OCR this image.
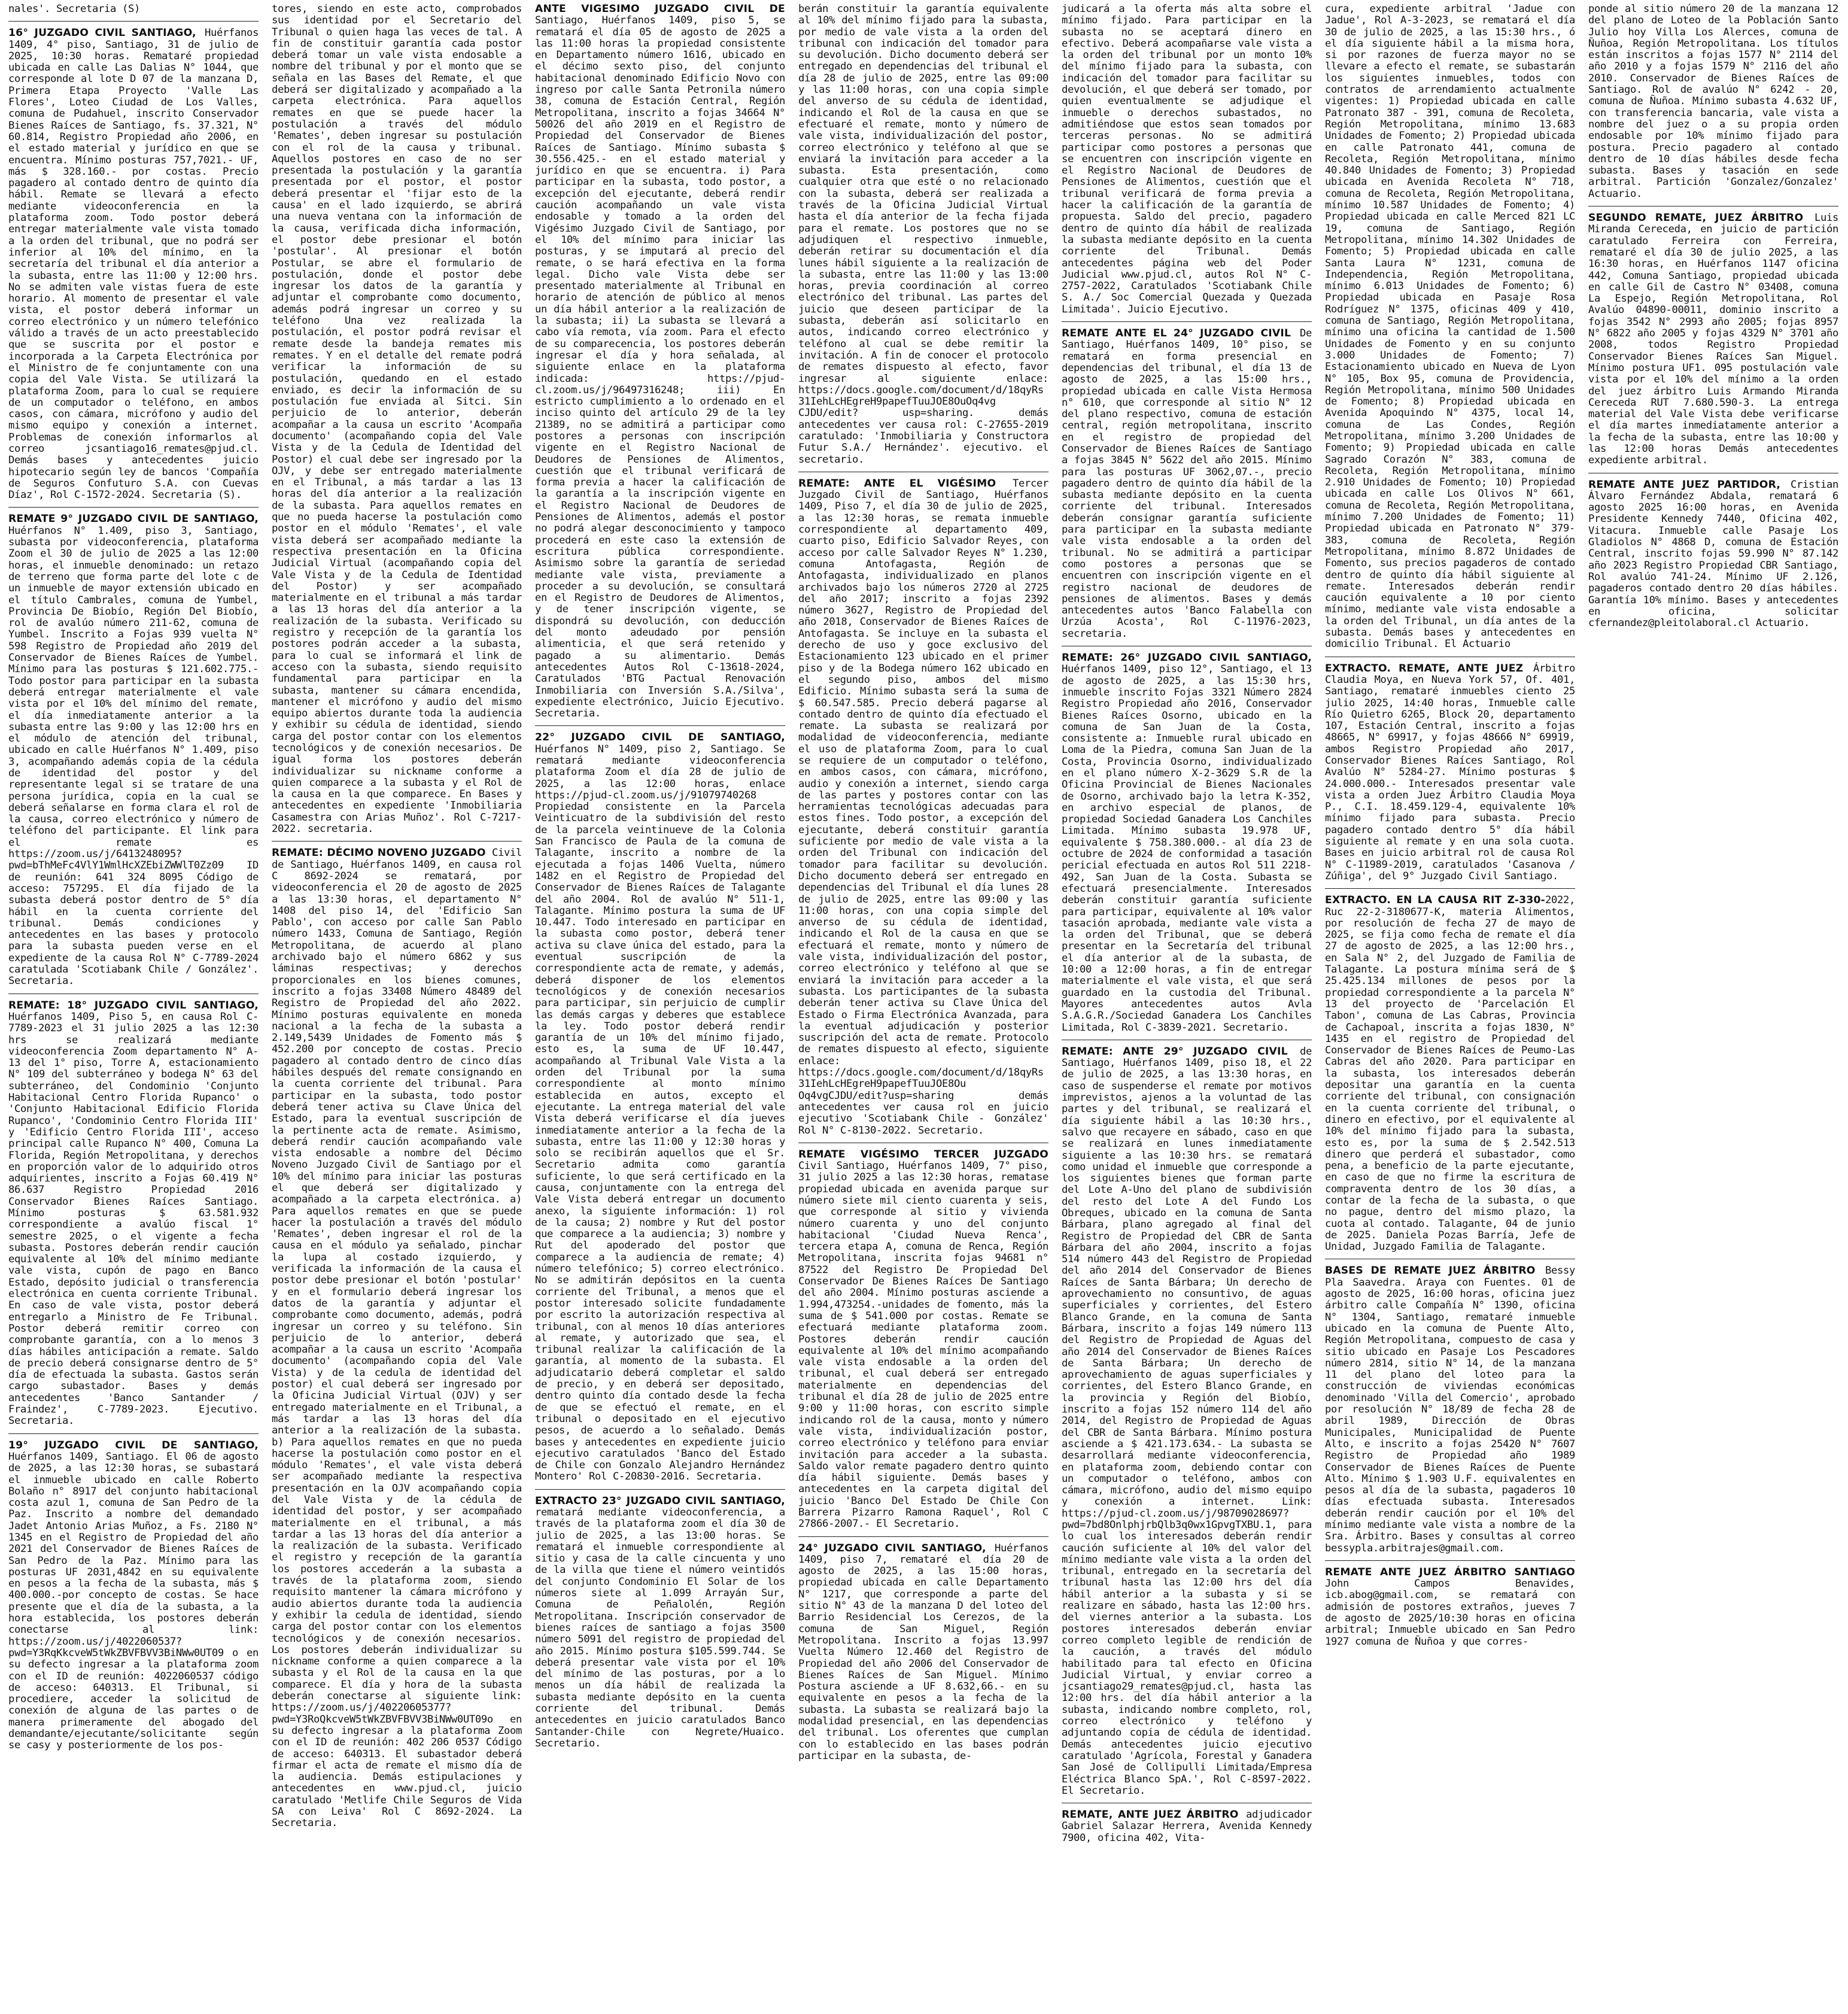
nales'. Secretaria (S)

16° JUZGADO CIVIL SANTIAGO, Huérfanos 1409, 4° piso, Santiago, 31 de julio de 2025, 10:30 horas. Remataré propiedad ubicada en calle Las Dalias N° 1044, que corresponde al lote D 07 de la manzana D, Primera Etapa Proyecto 'Valle Las Flores', Loteo Ciudad de Los Valles, comuna de Pudahuel, inscrito Conservador Bienes Raíces de Santiago, fs. 37.321, N° 60.814, Registro Propiedad año 2006, en el estado material y jurídico en que se encuentra. Mínimo posturas 757,7021.- UF, más $ 328.160.- por costas. Precio pagadero al contado dentro de quinto día hábil. Remate se llevará a efecto mediante videoconferencia en la plataforma zoom. Todo postor deberá entregar materialmente vale vista tomado a la orden del tribunal, que no podrá ser inferior al 10% del mínimo, en la secretaría del tribunal el día anterior a la subasta, entre las 11:00 y 12:00 hrs. No se admiten vale vistas fuera de este horario. Al momento de presentar el vale vista, el postor deberá informar un correo electrónico y un número telefónico válido a través de un acto preestablecido que se suscrita por el postor e incorporada a la Carpeta Electrónica por el Ministro de fe conjuntamente con una copia del Vale Vista. Se utilizará la plataforma Zoom, para lo cual se requiere de un computador o teléfono, en ambos casos, con cámara, micrófono y audio del mismo equipo y conexión a internet. Problemas de conexión informarlos al correo jcsantiago16_remates@pjud.cl. Demás bases y antecedentes juicio hipotecario según ley de bancos 'Compañía de Seguros Confuturo S.A. con Cuevas Díaz', Rol C-1572-2024. Secretaria (S).

REMATE 9° JUZGADO CIVIL DE SANTIAGO, Huérfanos N° 1.409, piso 3, Santiago, subasta por videoconferencia, plataforma Zoom el 30 de julio de 2025 a las 12:00 horas, el inmueble denominado: un retazo de terreno que forma parte del lote c de un inmueble de mayor extensión ubicado en el título Cambrales, comuna de Yumbel, Provincia De Biobío, Región Del Biobío, rol de avalúo número 211-62, comuna de Yumbel. Inscrito a Fojas 939 vuelta N° 598 Registro de Propiedad año 2019 del Conservador de Bienes Raíces de Yumbel. Mínimo para las posturas $ 121.602.775.- Todo postor para participar en la subasta deberá entregar materialmente el vale vista por el 10% del mínimo del remate, el día inmediatamente anterior a la subasta entre las 9:00 y las 12:00 hrs en el módulo de atención del tribunal, ubicado en calle Huérfanos N° 1.409, piso 3, acompañando además copia de la cédula de identidad del postor y del representante legal si se tratare de una persona jurídica, copia en la cual se deberá señalarse en forma clara el rol de la causa, correo electrónico y número de teléfono del participante. El link para el remate es https://zoom.us/j/6413248095?pwd=bThMeFc4VlY1WmlHcXZEbiZWWlT0Zz09 ID de reunión: 641 324 8095 Código de acceso: 757295. El día fijado de la subasta deberá postor dentro de 5° día hábil en la cuenta corriente del tribunal. Demás condiciones y antecedentes en las bases y protocolo para la subasta pueden verse en el expediente de la causa Rol N° C-7789-2024 caratulada 'Scotiabank Chile / González'. Secretaria.

REMATE: 18° JUZGADO CIVIL SANTIAGO, Huérfanos 1409, Piso 5, en causa Rol C-7789-2023 el 31 julio 2025 a las 12:30 hrs se realizará mediante videoconferencia Zoom departamento N° A-13 del 1° piso, Torre A, estacionamiento N° 109 del subterráneo y bodega N° 63 del subterráneo, del Condominio 'Conjunto Habitacional Centro Florida Rupanco' o 'Conjunto Habitacional Edificio Florida Rupanco', 'Condominio Centro Florida III' y 'Edificio Centro Florida III', acceso principal calle Rupanco N° 400, Comuna La Florida, Región Metropolitana, y derechos en proporción valor de lo adquirido otros adquirientes, inscrito a Fojas 60.419 N° 86.637 Registro Propiedad 2016 Conservador Bienes Raíces Santiago. Mínimo posturas $ 63.581.932 correspondiente a avalúo fiscal 1° semestre 2025, o el vigente a fecha subasta. Postores deberán rendir caución equivalente al 10% del mínimo mediante vale vista, cupón de pago en Banco Estado, depósito judicial o transferencia electrónica en cuenta corriente Tribunal. En caso de vale vista, postor deberá entregarlo a Ministro de Fe Tribunal. Postor deberá remitir correo con comprobante garantía, con a lo menos 3 días hábiles anticipación a remate. Saldo de precio deberá consignarse dentro de 5° día de efectuada la subasta. Gastos serán cargo subastador. Bases y demás antecedentes 'Banco Santander / Fraindez', C-7789-2023. Ejecutivo. Secretaria.

19° JUZGADO CIVIL DE SANTIAGO, Huérfanos 1409, Santiago. El 06 de agosto de 2025, a las 12:30 horas, se subastará el inmueble ubicado en calle Roberto Bolaño n° 8917 del conjunto habitacional costa azul 1, comuna de San Pedro de la Paz. Inscrito a nombre del demandado Jadet Antonio Arias Muñoz, a Fs. 2180 N° 1345 en el Registro de Propiedad del año 2021 del Conservador de Bienes Raíces de San Pedro de la Paz. Mínimo para las posturas UF 2031,4842 en su equivalente en pesos a la fecha de la subasta, más $ 400.000.-por concepto de costas. Se hace presente que el día de la subasta, a la hora establecida, los postores deberán conectarse al link: https://zoom.us/j/4022060537?pwd=Y3RqKkcveW5tWkZBVFBVV3BiNWw0UT09 o en su defecto ingresar a la plataforma zoom con el ID de reunión: 4022060537 código de acceso: 640313. El Tribunal, si procediere, acceder la solicitud de conexión de alguna de las partes o de manera primeramente del abogado del demandante/ejecutante/solicitante según se casy y posteriormente de los pos-

tores, siendo en este acto, comprobados sus identidad por el Secretario del Tribunal o quien haga las veces de tal. A fin de constituir garantía cada postor deberá tomar un vale vista endosable a nombre del tribunal y por el monto que se señala en las Bases del Remate, el que deberá ser digitalizado y acompañado a la carpeta electrónica. Para aquellos remates en que se puede hacer la postulación a través del módulo 'Remates', deben ingresar su postulación con el rol de la causa y tribunal. Aquellos postores en caso de no ser presentada la postulación y la garantía presentada por el postor, el postor deberá presentar el 'fijar esto de la causa' en el lado izquierdo, se abrirá una nueva ventana con la información de la causa, verificada dicha información, el postor debe presionar el botón 'postular'. Al presionar el botón Postular, se abre el formulario de postulación, donde el postor debe ingresar los datos de la garantía y adjuntar el comprobante como documento, además podrá ingresar un correo y su teléfono Una vez realizada la postulación, el postor podrá revisar el remate desde la bandeja remates mis remates. Y en el detalle del remate podrá verificar la información de su postulación, quedando en el estado enviado, es decir la información de su postulación fue enviada al Sitci. Sin perjuicio de lo anterior, deberán acompañar a la causa un escrito 'Acompaña documento' (acompañando copia del Vale Vista y de la Cedula de Identidad del Postor) el cual debe ser ingresado por la OJV, y debe ser entregado materialmente en el Tribunal, a más tardar a las 13 horas del día anterior a la realización de la subasta. Para aquellos remates en que no pueda hacerse la postulación como postor en el módulo 'Remates', el vale vista deberá ser acompañado mediante la respectiva presentación en la Oficina Judicial Virtual (acompañando copia del Vale Vista y de la Cedula de Identidad del Postor) y ser acompañado materialmente en el tribunal a más tardar a las 13 horas del día anterior a la realización de la subasta. Verificado su registro y recepción de la garantía los postores podrán acceder a la subasta, para lo cual se informará el link de acceso con la subasta, siendo requisito fundamental para participar en la subasta, mantener su cámara encendida, mantener el micrófono y audio del mismo equipo abiertos durante toda la audiencia y exhibir su cédula de identidad, siendo carga del postor contar con los elementos tecnológicos y de conexión necesarios. De igual forma los postores deberán individualizar su nickname conforme a quien comparece a la subasta y el Rol de la causa en la que comparece. En Bases y antecedentes en expediente 'Inmobiliaria Casamestra con Arias Muñoz'. Rol C-7217-2022. secretaria.

REMATE: DÉCIMO NOVENO JUZGADO Civil de Santiago, Huérfanos 1409, en causa rol C 8692-2024 se rematará, por videoconferencia el 20 de agosto de 2025 a las 13:30 horas, el departamento N° 1408 del piso 14, del 'Edificio San Pablo', con acceso por calle San Pablo número 1433, Comuna de Santiago, Región Metropolitana, de acuerdo al plano archivado bajo el número 6862 y sus láminas respectivas; y derechos proporcionales en los bienes comunes, inscrito a fojas 33408 Número 48489 del Registro de Propiedad del año 2022. Mínimo posturas equivalente en moneda nacional a la fecha de la subasta a 2.149,5439 Unidades de Fomento más $ 452.200 por concepto de costas. Precio pagadero al contado dentro de cinco días hábiles después del remate consignando en la cuenta corriente del tribunal. Para participar en la subasta, todo postor deberá tener activa su Clave Única del Estado, para la eventual suscripción de la pertinente acta de remate. Asimismo, deberá rendir caución acompañando vale vista endosable a nombre del Décimo Noveno Juzgado Civil de Santiago por el 10% del mínimo para iniciar las posturas el que deberá ser digitalizado y acompañado a la carpeta electrónica. a) Para aquellos remates en que se puede hacer la postulación a través del módulo 'Remates', deben ingresar el rol de la causa en el módulo ya señalado, pinchar la lupa al costado izquierdo, y verificada la información de la causa el postor debe presionar el botón 'postular' y en el formulario deberá ingresar los datos de la garantía y adjuntar el comprobante como documento, además, podrá ingresar un correo y su teléfono. Sin perjuicio de lo anterior, deberá acompañar a la causa un escrito 'Acompaña documento' (acompañando copia del Vale Vista) y de la cedula de identidad del postor) el cual deberá ser ingresado por la Oficina Judicial Virtual (OJV) y ser entregado materialmente en el Tribunal, a más tardar a las 13 horas del día anterior a la realización de la subasta. b) Para aquellos remates en que no pueda hacerse la postulación como postor en el módulo 'Remates', el vale vista deberá ser acompañado mediante la respectiva presentación en la OJV acompañando copia del Vale Vista y de la cédula de identidad del postor, y ser acompañado materialmente en el tribunal, a más tardar a las 13 horas del día anterior a la realización de la subasta. Verificado el registro y recepción de la garantía los postores accederán a la subasta a través de la plataforma zoom, siendo requisito mantener la cámara micrófono y audio abiertos durante toda la audiencia y exhibir la cedula de identidad, siendo carga del postor contar con los elementos tecnológicos y de conexión necesarios. Los postores deberán individualizar su nickname conforme a quien comparece a la subasta y el Rol de la causa en la que comparece. El día y hora de la subasta deberán conectarse al siguiente link: https://zoom.us/j/40220605377?pwd=Y3RoQkcveW5tWkZBVFBVV3BiNWw0UT09o en su defecto ingresar a la plataforma Zoom con el ID de reunión: 402 206 0537 Código de acceso: 640313. El subastador deberá firmar el acta de remate el mismo día de la audiencia. Demás estipulaciones y antecedentes en www.pjud.cl, juicio caratulado 'Metlife Chile Seguros de Vida SA con Leiva' Rol C 8692-2024. La Secretaria.

ANTE VIGÉSIMO JUZGADO CIVIL DE Santiago, Huérfanos 1409, piso 5, se rematará el día 05 de agosto de 2025 a las 11:00 horas la propiedad consistente en Departamento número 1616, ubicado en el décimo sexto piso, del conjunto habitacional denominado Edificio Novo con ingreso por calle Santa Petronila número 38, comuna de Estación Central, Región Metropolitana, inscrito a fojas 34664 N° 50026 del año 2019 en el Registro de Propiedad del Conservador de Bienes Raíces de Santiago. Mínimo subasta $ 30.556.425.- en el estado material y jurídico en que se encuentra. i) Para participar en la subasta, todo postor, a excepción del ejecutante, deberá rendir caución acompañando un vale vista endosable y tomado a la orden del Vigésimo Juzgado Civil de Santiago, por el 10% del mínimo para iniciar las posturas, y se imputará al precio del remate, o se hará efectiva en la forma legal. Dicho vale Vista debe ser presentado materialmente al Tribunal en horario de atención de público al menos un día hábil anterior a la realización de la subasta; ii) La subasta se llevará a cabo vía remota, vía zoom. Para el efecto de su comparecencia, los postores deberán ingresar el día y hora señalada, al siguiente enlace en la plataforma indicada: https://pjud-cl.zoom.us/j/96497316248; iii) En estricto cumplimiento a lo ordenado en el inciso quinto del artículo 29 de la ley 21389, no se admitirá a participar como postores a personas con inscripción vigente en el Registro Nacional de Deudores de Pensiones de Alimentos, cuestión que el tribunal verificará de forma previa a hacer la calificación de la garantía a la inscripción vigente en el Registro Nacional de Deudores de Pensiones de Alimentos, además el postor no podrá alegar desconocimiento y tampoco procederá en este caso la extensión de escritura pública correspondiente. Asimismo sobre la garantía de seriedad mediante vale vista, previamente a proceder a su devolución, se consultará en el Registro de Deudores de Alimentos, y de tener inscripción vigente, se dispondrá su devolución, con deducción del monto adeudado por pensión alimenticia, el que será retenido y pagado a su alimentario. Demás antecedentes Autos Rol C-13618-2024, Caratulados 'BTG Pactual Renovación Inmobiliaria con Inversión S.A./Silva', expediente electrónico, Juicio Ejecutivo. Secretaria.

22° JUZGADO CIVIL DE SANTIAGO, Huérfanos N° 1409, piso 2, Santiago. Se rematará mediante videoconferencia plataforma Zoom el día 28 de julio de 2025, a las 12:00 horas, enlace https://pjud-cl.zoom.us/j/91079740268 Propiedad consistente en la Parcela Veinticuatro de la subdivisión del resto de la parcela veintinueve de la Colonia San Francisco de Paula de la comuna de Talagante, inscrito a nombre de la ejecutada a fojas 1406 Vuelta, número 1482 en el Registro de Propiedad del Conservador de Bienes Raíces de Talagante del año 2004. Rol de avalúo N° 511-1, Talagante. Mínimo postura la suma de UF 10.447. Todo interesado en participar en la subasta como postor, deberá tener activa su clave única del estado, para la eventual suscripción de la correspondiente acta de remate, y además, deberá disponer de los elementos tecnológicos y de conexión necesarios para participar, sin perjuicio de cumplir las demás cargas y deberes que establece la ley. Todo postor deberá rendir garantía de un 10% del mínimo fijado, esto es, la suma de UF 10.447, acompañando al Tribunal Vale Vista a la orden del Tribunal por la suma correspondiente al monto mínimo establecida en autos, excepto el ejecutante. La entrega material del vale Vista deberá verificarse el día jueves inmediatamente anterior a la fecha de la subasta, entre las 11:00 y 12:30 horas y solo se recibirán aquellos que el Sr. Secretario admita como garantía suficiente, lo que será certificado en la causa, conjuntamente con la entrega del Vale Vista deberá entregar un documento anexo, la siguiente información: 1) rol de la causa; 2) nombre y Rut del postor que comparece a la audiencia; 3) nombre y Rut del apoderado del postor que comparece a la audiencia de remate; 4) número telefónico; 5) correo electrónico. No se admitirán depósitos en la cuenta corriente del Tribunal, a menos que el postor interesado solicite fundadamente por escrito la autorización respectiva al tribunal, con al menos 10 días anteriores al remate, y autorizado que sea, el tribunal realizar la calificación de la garantía, al momento de la subasta. El adjudicatario deberá completar el saldo de precio, y en deberá ser depositado, dentro quinto día contado desde la fecha de que se efectuó el remate, en el tribunal o depositado en el ejecutivo pesos, de acuerdo a lo señalado. Demás bases y antecedentes en expediente juicio ejecutivo caratulados 'Banco del Estado de Chile con Gonzalo Alejandro Hernández Montero' Rol C-20830-2016. Secretaria.

EXTRACTO 23° JUZGADO CIVIL SANTIAGO, rematará mediante videoconferencia, a través de la plataforma zoom el día 30 de julio de 2025, a las 13:00 horas. Se rematará el inmueble correspondiente al sitio y casa de la calle cincuenta y uno de la villa que tiene el número veintidós del conjunto Condominio El Solar de los números siete al 1.099 Arrayán Sur, Comuna de Peñalolén, Región Metropolitana. Inscripción conservador de bienes raíces de santiago a fojas 3500 número 5091 del registro de propiedad del año 2015. Mínimo postura $105.599.744. Se deberá presentar vale vista por el 10% del mínimo de las posturas, por a lo menos un día hábil de realizada la subasta mediante depósito en la cuenta corriente del tribunal. Demás antecedentes en juicio caratulados Banco Santander-Chile con Negrete/Huaico. Secretario.

berán constituir la garantía equivalente al 10% del mínimo fijado para la subasta, por medio de vale vista a la orden del tribunal con indicación del tomador para su devolución. Dicho documento deberá ser entregado en dependencias del tribunal el día 28 de julio de 2025, entre las 09:00 y las 11:00 horas, con una copia simple del anverso de su cédula de identidad, indicando el Rol de la causa en que se efectuaré el remate, monto y número de vale vista, individualización del postor, correo electrónico y teléfono al que se enviará la invitación para acceder a la subasta. Esta presentación, como cualquier otra que esté o no relacionado con la subasta, deberá ser realizada a través de la Oficina Judicial Virtual hasta el día anterior de la fecha fijada para el remate. Los postores que no se adjudiquen el respectivo inmueble, deberán retirar su documentación el día lunes hábil siguiente a la realización de la subasta, entre las 11:00 y las 13:00 horas, previa coordinación al correo electrónico del tribunal. Las partes del juicio que deseen participar de la subasta, deberán así solicitarlo en autos, indicando correo electrónico y teléfono al cual se debe remitir la invitación. A fin de conocer el protocolo de remates dispuesto al efecto, favor ingresar al siguiente enlace: https://docs.google.com/document/d/18qyRs31IehLcHEgreH9papefTuuJOE8OuOq4vg CJDU/edit? usp=sharing. demás antecedentes ver causa rol: C-27655-2019 caratulado: 'Inmobiliaria y Constructora Futur S.A./ Hernández'. ejecutivo. el secretario.

REMATE: ANTE EL VIGÉSIMO Tercer Juzgado Civil de Santiago, Huérfanos 1409, Piso 7, el día 30 de julio de 2025, a las 12:30 horas, se remata inmueble correspondiente al departamento 409, cuarto piso, Edificio Salvador Reyes, con acceso por calle Salvador Reyes N° 1.230, comuna Antofagasta, Región de Antofagasta, individualizado en planos archivados bajo los números 2720 al 2725 del año 2017; inscrito a fojas 2392 número 3627, Registro de Propiedad del año 2018, Conservador de Bienes Raíces de Antofagasta. Se incluye en la subasta el derecho de uso y goce exclusivo del Estacionamiento 123 ubicado en el primer piso y de la Bodega número 162 ubicado en el segundo piso, ambos del mismo Edificio. Mínimo subasta será la suma de $ 60.547.585. Precio deberá pagarse al contado dentro de quinto día efectuado el remate. La subasta se realizará por modalidad de videoconferencia, mediante el uso de plataforma Zoom, para lo cual se requiere de un computador o teléfono, en ambos casos, con cámara, micrófono, audio y conexión a internet, siendo carga de las partes y postores contar con las herramientas tecnológicas adecuadas para estos fines. Todo postor, a excepción del ejecutante, deberá constituir garantía suficiente por medio de vale vista a la orden del Tribunal con indicación del tomador para facilitar su devolución. Dicho documento deberá ser entregado en dependencias del Tribunal el día lunes 28 de julio de 2025, entre las 09:00 y las 11:00 horas, con una copia simple del anverso de su cédula de identidad, indicando el Rol de la causa en que se efectuará el remate, monto y número de vale vista, individualización del postor, correo electrónico y teléfono al que se enviará la invitación para acceder a la subasta. Los participantes de la subasta deberán tener activa su Clave Única del Estado o Firma Electrónica Avanzada, para la eventual adjudicación y posterior suscripción del acta de remate. Protocolo de remates dispuesto al efecto, siguiente enlace: https://docs.google.com/document/d/18qyRs31IehLcHEgreH9papefTuuJOE8Ou Oq4vgCJDU/edit?usp=sharing demás antecedentes ver causa rol en juicio ejecutivo 'Scotiabank Chile - González' Rol N° C-8130-2022. Secretario.

REMATE VIGÉSIMO TERCER JUZGADO Civil Santiago, Huérfanos 1409, 7° piso, 31 julio 2025 a las 12:30 horas, rematase propiedad ubicada en avenida parque sur número siete mil ciento cuarenta y seis, que corresponde al sitio y vivienda número cuarenta y uno del conjunto habitacional 'Ciudad Nueva Renca', tercera etapa A, comuna de Renca, Región Metropolitana, inscrita fojas 94681 n° 87522 del Registro De Propiedad Del Conservador De Bienes Raíces De Santiago del año 2004. Mínimo posturas asciende a 1.994,473254.-unidades de fomento, más la suma de $ 541.000 por costas. Remate se efectuará mediante plataforma zoom. Postores deberán rendir caución equivalente al 10% del mínimo acompañando vale vista endosable a la orden del tribunal, el cual deberá ser entregado materialmente en dependencias del tribunal el día 28 de julio de 2025 entre 9:00 y 11:00 horas, con escrito simple indicando rol de la causa, monto y número vale vista, individualización postor, correo electrónico y teléfono para enviar invitación para acceder a la subasta. Saldo valor remate pagadero dentro quinto día hábil siguiente. Demás bases y antecedentes en la carpeta digital del juicio 'Banco Del Estado De Chile Con Barrera Pizarro Ramona Raquel', Rol C 27866-2007.- El Secretario.

24° JUZGADO CIVIL SANTIAGO, Huérfanos 1409, piso 7, remataré el día 20 de agosto de 2025, a las 15:00 horas, propiedad ubicada en calle Departamento N° 1217, que corresponde a parte del sitio N° 43 de la manzana D del loteo del Barrio Residencial Los Cerezos, de la comuna de San Miguel, Región Metropolitana. Inscrito a fojas 13.997 Vuelta Número 12.460 del Registro de Propiedad del año 2006 del Conservador de Bienes Raíces de San Miguel. Mínimo Postura asciende a UF 8.632,66.- en su equivalente en pesos a la fecha de la subasta. La subasta se realizará bajo la modalidad presencial, en las dependencias del tribunal. Los oferentes que cumplan con lo establecido en las bases podrán participar en la subasta, de-

judicará a la oferta más alta sobre el mínimo fijado. Para participar en la subasta no se aceptará dinero en efectivo. Deberá acompañarse vale vista a la orden del tribunal por un monto 10% del mínimo fijado para la subasta, con indicación del tomador para facilitar su devolución, el que deberá ser tomado, por quien eventualmente se adjudique el inmueble o derechos subastados, no admitiéndose que estos sean tomados por terceras personas. No se admitirá participar como postores a personas que se encuentren con inscripción vigente en el Registro Nacional de Deudores de Pensiones de Alimentos, cuestión que el tribunal verificará de forma previa a hacer la calificación de la garantía de propuesta. Saldo del precio, pagadero dentro de quinto día hábil de realizada la subasta mediante depósito en la cuenta corriente del Tribunal. Demás antecedentes página web del Poder Judicial www.pjud.cl, autos Rol N° C-2757-2022, Caratulados 'Scotiabank Chile S. A./ Soc Comercial Quezada y Quezada Limitada'. Juicio Ejecutivo.

REMATE ANTE EL 24° JUZGADO CIVIL De Santiago, Huérfanos 1409, 10° piso, se rematará en forma presencial en dependencias del tribunal, el día 13 de agosto de 2025, a las 15:00 hrs., propiedad ubicada en calle Vista Hermosa n° 610, que corresponde al sitio N° 12 del plano respectivo, comuna de estación central, región metropolitana, inscrito en el registro de propiedad del Conservador de Bienes Raíces de Santiago a fojas 3845 N° 5622 del año 2015. Mínimo para las posturas UF 3062,07.-, precio pagadero dentro de quinto día hábil de la subasta mediante depósito en la cuenta corriente del tribunal. Interesados deberán consignar garantía suficiente para participar en la subasta mediante vale vista endosable a la orden del tribunal. No se admitirá a participar como postores a personas que se encuentren con inscripción vigente en el registro nacional de deudores de pensiones de alimentos. Bases y demás antecedentes autos 'Banco Falabella con Urzúa Acosta', Rol C-11976-2023, secretaria.

REMATE: 26° JUZGADO CIVIL SANTIAGO, Huérfanos 1409, piso 12°, Santiago, el 13 de agosto de 2025, a las 15:30 hrs, inmueble inscrito Fojas 3321 Número 2824 Registro Propiedad año 2016, Conservador Bienes Raíces Osorno, ubicado en la comuna de San Juan de la Costa, consistente a: Inmueble rural ubicado en Loma de la Piedra, comuna San Juan de la Costa, Provincia Osorno, individualizado en el plano número X-2-3629 S.R de la Oficina Provincial de Bienes Nacionales de Osorno, archivado bajo la letra K-352, en archivo especial de planos, de propiedad Sociedad Ganadera Los Canchiles Limitada. Mínimo subasta 19.978 UF, equivalente $ 758.380.000.- al día 23 de octubre de 2024 de conformidad a tasación pericial efectuada en autos Rol 511 2218-492, San Juan de la Costa. Subasta se efectuará presencialmente. Interesados deberán constituir garantía suficiente para participar, equivalente al 10% valor tasación aprobada, mediante vale vista a la orden del Tribunal, que se deberá presentar en la Secretaría del tribunal el día anterior al de la subasta, de 10:00 a 12:00 horas, a fin de entregar materialmente el vale vista, el que será guardado en la custodia del Tribunal. Mayores antecedentes autos Avla S.A.G.R./Sociedad Ganadera Los Canchiles Limitada, Rol C-3839-2021. Secretario.

REMATE: ANTE 29° JUZGADO CIVIL de Santiago, Huérfanos 1409, piso 18, el 22 de julio de 2025, a las 13:30 horas, en caso de suspenderse el remate por motivos imprevistos, ajenos a la voluntad de las partes y del tribunal, se realizará el día siguiente hábil a las 10:30 hrs., salvo que recayere en sábado, caso en que se realizará en lunes inmediatamente siguiente a las 10:30 hrs. se rematará como unidad el inmueble que corresponde a los siguientes bienes que forman parte del Lote A-Uno del plano de subdivisión del resto del Lote A del Fundo Los Obreques, ubicado en la comuna de Santa Bárbara, plano agregado al final del Registro de Propiedad del CBR de Santa Bárbara del año 2004, inscrito a fojas 514 número 443 del Registro de Propiedad del año 2014 del Conservador de Bienes Raíces de Santa Bárbara; Un derecho de aprovechamiento no consuntivo, de aguas superficiales y corrientes, del Estero Blanco Grande, en la comuna de Santa Bárbara, inscrito a fojas 149 número 113 del Registro de Propiedad de Aguas del año 2014 del Conservador de Bienes Raíces de Santa Bárbara; Un derecho de aprovechamiento de aguas superficiales y corrientes, del Estero Blanco Grande, en la provincia y Región del Biobío, inscrito a fojas 152 número 114 del año 2014, del Registro de Propiedad de Aguas del CBR de Santa Bárbara. Mínimo postura asciende a $ 421.173.634.- La subasta se desarrollará mediante videoconferencia, en plataforma zoom, debiendo contar con un computador o teléfono, ambos con cámara, micrófono, audio del mismo equipo y conexión a internet. Link: https://pjud-cl.zoom.us/j/98709028697?pwd=7bd8OnlphjrbQlb3q0wx1GpvgTXBU.1, para lo cual los interesados deberán rendir caución suficiente al 10% del valor del mínimo mediante vale vista a la orden del tribunal, entregado en la secretaría del tribunal hasta las 12:00 hrs del día hábil anterior a la subasta y si se realizare en sábado, hasta las 12:00 hrs. del viernes anterior a la subasta. Los postores interesados deberán enviar correo completo legible de rendición de la caución, a través del módulo habilitado para tal efecto en Oficina Judicial Virtual, y enviar correo a jcsantiago29_remates@pjud.cl, hasta las 12:00 hrs. del día hábil anterior a la subasta, indicando nombre completo, rol, correo electrónico y teléfono y adjuntando copia de cédula de identidad. Demás antecedentes juicio ejecutivo caratulado 'Agrícola, Forestal y Ganadera San José de Collipulli Limitada/Empresa Eléctrica Blanco SpA.', Rol C-8597-2022. El Secretario.

REMATE, ANTE JUEZ ÁRBITRO adjudicador Gabriel Salazar Herrera, Avenida Kennedy 7900, oficina 402, Vita-

cura, expediente arbitral 'Jadue con Jadue', Rol A-3-2023, se rematará el día 30 de julio de 2025, a las 15:30 hrs., ó el día siguiente hábil a la misma hora, si por razones de fuerza mayor no se llevare a efecto el remate, se subastarán los siguientes inmuebles, todos con contratos de arrendamiento actualmente vigentes: 1) Propiedad ubicada en calle Patronato 387 - 391, comuna de Recoleta, Región Metropolitana, mínimo 13.683 Unidades de Fomento; 2) Propiedad ubicada en calle Patronato 441, comuna de Recoleta, Región Metropolitana, mínimo 40.840 Unidades de Fomento; 3) Propiedad ubicada en Avenida Recoleta N° 718, comuna de Recoleta, Región Metropolitana, mínimo 10.587 Unidades de Fomento; 4) Propiedad ubicada en calle Merced 821 LC 19, comuna de Santiago, Región Metropolitana, mínimo 14.302 Unidades de Fomento; 5) Propiedad ubicada en calle Santa Laura N° 1231, comuna de Independencia, Región Metropolitana, mínimo 6.013 Unidades de Fomento; 6) Propiedad ubicada en Pasaje Rosa Rodríguez N° 1375, oficinas 409 y 410, comuna de Santiago, Región Metropolitana, mínimo una oficina la cantidad de 1.500 Unidades de Fomento y en su conjunto 3.000 Unidades de Fomento; 7) Estacionamiento ubicado en Nueva de Lyon N° 105, Box 95, comuna de Providencia, Región Metropolitana, mínimo 500 Unidades de Fomento; 8) Propiedad ubicada en Avenida Apoquindo N° 4375, local 14, comuna de Las Condes, Región Metropolitana, mínimo 3.200 Unidades de Fomento; 9) Propiedad ubicada en calle Sagrado Corazón N° 383, comuna de Recoleta, Región Metropolitana, mínimo 2.910 Unidades de Fomento; 10) Propiedad ubicada en calle Los Olivos N° 661, comuna de Recoleta, Región Metropolitana, mínimo 7.200 Unidades de Fomento; 11) Propiedad ubicada en Patronato N° 379-383, comuna de Recoleta, Región Metropolitana, mínimo 8.872 Unidades de Fomento, sus precios pagaderos de contado dentro de quinto día hábil siguiente al remate. Interesados deberán rendir caución equivalente a 10 por ciento mínimo, mediante vale vista endosable a la orden del Tribunal, un día antes de la subasta. Demás bases y antecedentes en domicilio Tribunal. El Actuario

EXTRACTO. REMATE, ANTE JUEZ Árbitro Claudia Moya, en Nueva York 57, Of. 401, Santiago, remataré inmuebles ciento 25 julio 2025, 14:40 horas, Inmueble calle Río Quietro 6265, Block 20, departamento 107, Estación Central, inscrito a fojas 48665, N° 69917, y fojas 48666 N° 69919, ambos Registro Propiedad año 2017, Conservador Bienes Raíces Santiago, Rol Avalúo N° 5284-27. Mínimo posturas $ 24.000.000.- Interesados presentar vale vista a orden Juez Árbitro Claudia Moya P., C.I. 18.459.129-4, equivalente 10% mínimo fijado para subasta. Precio pagadero contado dentro 5° día hábil siguiente al remate y en una sola cuota. Bases en juicio arbitral rol de causa Rol N° C-11989-2019, caratulados 'Casanova / Zúñiga', del 9° Juzgado Civil Santiago.

EXTRACTO. EN LA CAUSA RIT Z-330-2022, Ruc 22-2-3180677-K, materia Alimentos, por resolución de fecha 27 de mayo de 2025, se fija como fecha de remate el día 27 de agosto de 2025, a las 12:00 hrs., en Sala N° 2, del Juzgado de Familia de Talagante. La postura mínima será de $ 25.425.134 millones de pesos por la propiedad correspondiente a la parcela N° 13 del proyecto de 'Parcelación El Tabon', comuna de Las Cabras, Provincia de Cachapoal, inscrita a fojas 1830, N° 1435 en el registro de Propiedad del Conservador de Bienes Raíces de Peumo-Las Cabras del año 2020. Para participar en la subasta, los interesados deberán depositar una garantía en la cuenta corriente del tribunal, con consignación en la cuenta corriente del tribunal, o dinero en efectivo, por el equivalente al 10% del mínimo fijado para la subasta, esto es, por la suma de $ 2.542.513 dinero que perderá el subastador, como pena, a beneficio de la parte ejecutante, en caso de que no firme la escritura de compraventa dentro de los 30 días, a contar de la fecha de la subasta, o que no pague, dentro del mismo plazo, la cuota al contado. Talagante, 04 de junio de 2025. Daniela Pozas Barría, Jefe de Unidad, Juzgado Familia de Talagante.

BASES DE REMATE JUEZ ÁRBITRO Bessy Pla Saavedra. Araya con Fuentes. 01 de agosto de 2025, 16:00 horas, oficina juez árbitro calle Compañía N° 1390, oficina N° 1304, Santiago, remataré inmueble ubicado en la comuna de Puente Alto, Región Metropolitana, compuesto de casa y sitio ubicado en Pasaje Los Pescadores número 2814, sitio N° 14, de la manzana 11 del plano del loteo para la construcción de viviendas económicas denominado 'Villa del Comercio', aprobado por resolución N° 18/89 de fecha 28 de abril 1989, Dirección de Obras Municipales, Municipalidad de Puente Alto, e inscrito a fojas 25420 N° 7607 Registro de Propiedad año 1989 Conservador de Bienes Raíces de Puente Alto. Mínimo $ 1.903 U.F. equivalentes en pesos al día de la subasta, pagaderos 10 días efectuada subasta. Interesados deberán rendir caución por el 10% del mínimo mediante vale vista a nombre de la Sra. Árbitro. Bases y consultas al correo bessypla.arbitrajes@gmail.com.

REMATE ANTE JUEZ ÁRBITRO SANTIAGO John Campos Benavides, icb.abog@gmail.com, se rematará con admisión de postores extraños, jueves 7 de agosto de 2025/10:30 horas en oficina arbitral; Inmueble ubicado en San Pedro 1927 comuna de Ñuñoa y que corres-

ponde al sitio número 20 de la manzana 12 del plano de Loteo de la Población Santo Julio hoy Villa Los Alerces, comuna de Ñuñoa, Región Metropolitana. Los títulos están inscritos a fojas 1577 N° 2114 del año 2010 y a fojas 1579 N° 2116 del año 2010. Conservador de Bienes Raíces de Santiago. Rol de avalúo N° 6242 - 20, comuna de Ñuñoa. Mínimo subasta 4.632 UF, con transferencia bancaria, vale vista a nombre del juez o a su propia orden endosable por 10% mínimo fijado para postura. Precio pagadero al contado dentro de 10 días hábiles desde fecha subasta. Bases y tasación en sede arbitral. Partición 'Gonzalez/Gonzalez' Actuario.

SEGUNDO REMATE, JUEZ ÁRBITRO Luis Miranda Cereceda, en juicio de partición caratulado Ferreira con Ferreira, remataré el día 30 de julio 2025, a las 16:30 horas, en Huérfanos 1147 oficina 442, Comuna Santiago, propiedad ubicada en calle Gil de Castro N° 03408, comuna La Espejo, Región Metropolitana, Rol Avalúo 04890-00011, dominio inscrito a fojas 3542 N° 2993 año 2005; fojas 8957 N° 6822 año 2005 y fojas 4329 N° 3701 año 2008, todos Registro Propiedad Conservador Bienes Raíces San Miguel. Mínimo postura UF1. 095 postulación vale vista por el 10% del mínimo a la orden del juez árbitro Luis Armando Miranda Cereceda RUT 7.680.590-3. La entrega material del Vale Vista debe verificarse el día martes inmediatamente anterior a la fecha de la subasta, entre las 10:00 y las 12:00 horas Demás antecedentes expediente arbitral.

REMATE ANTE JUEZ PARTIDOR, Cristian Álvaro Fernández Abdala, rematará 6 agosto 2025 16:00 horas, en Avenida Presidente Kennedy 7440, Oficina 402, Vitacura. Inmueble calle Pasaje Los Gladiolos N° 4868 D, comuna de Estación Central, inscrito fojas 59.990 N° 87.142 año 2023 Registro Propiedad CBR Santiago, Rol avalúo 741-24. Mínimo UF 2.126, pagaderos contado dentro 20 días hábiles. Garantía 10% mínimo. Bases y antecedentes en oficina, solicitar cfernandez@pleitolaboral.cl Actuario.
